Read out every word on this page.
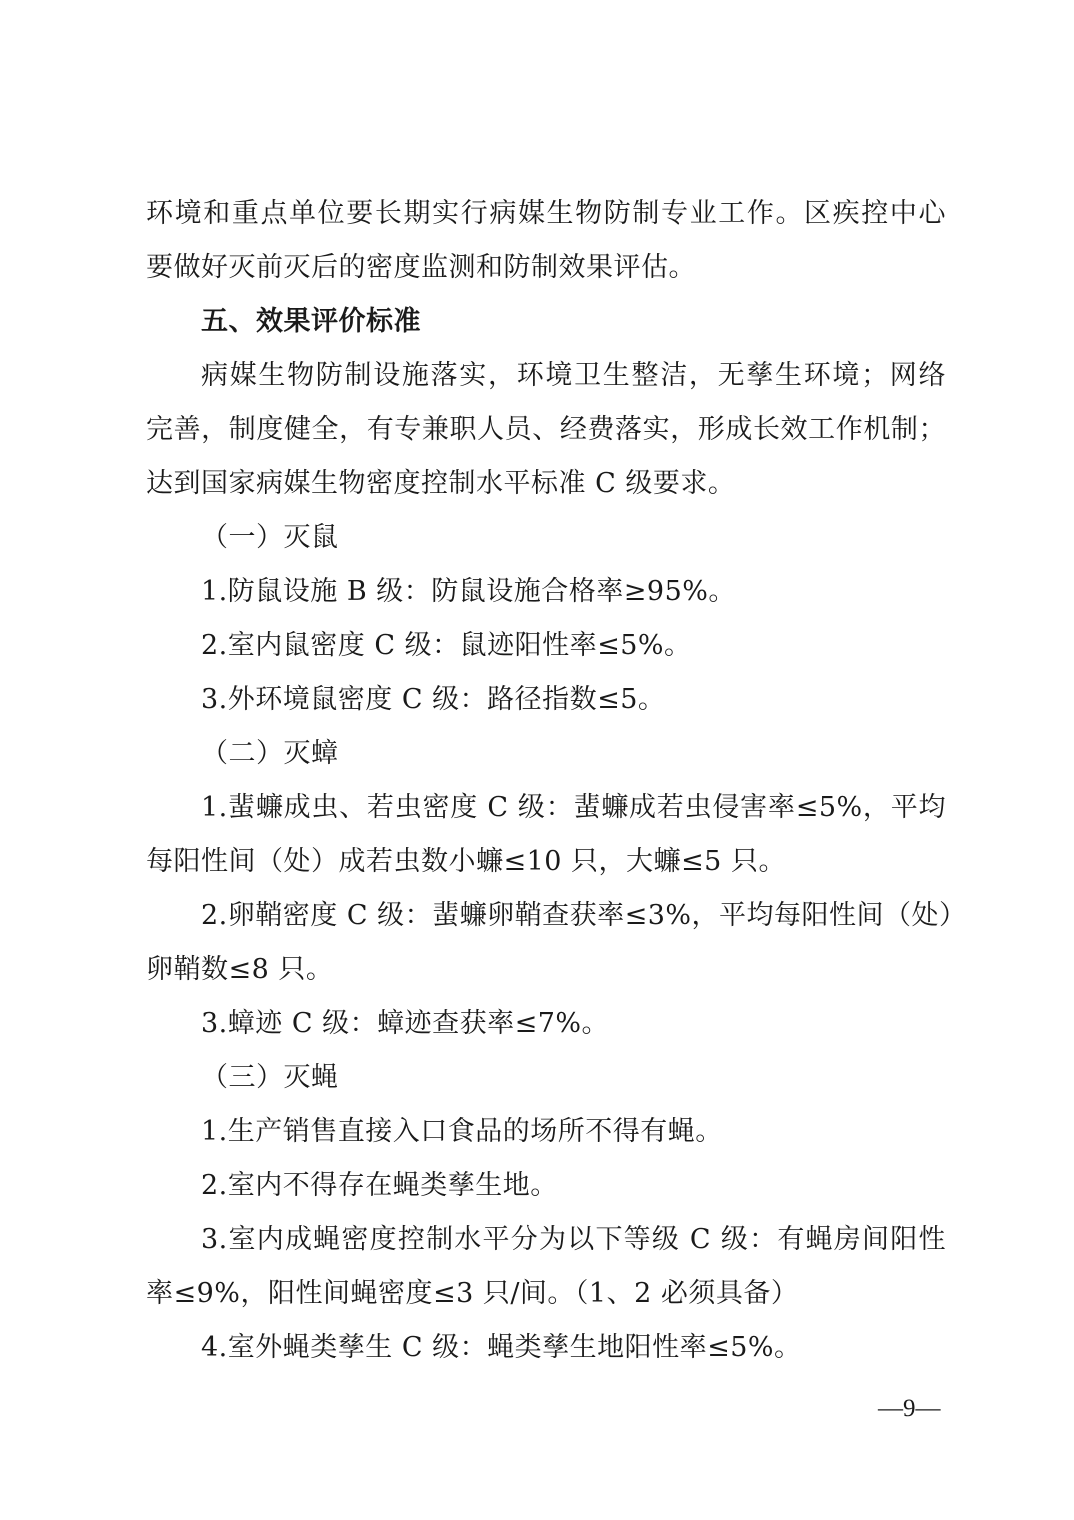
环境和重点单位要长期实行病媒生物防制专业工作。区疾控中心
要做好灭前灭后的密度监测和防制效果评估。
五、效果评价标准
病媒生物防制设施落实，环境卫生整洁，无孳生环境；网络
完善，制度健全，有专兼职人员、经费落实，形成长效工作机制；
达到国家病媒生物密度控制水平标准 C 级要求。
（一）灭鼠
1.防鼠设施 B 级：防鼠设施合格率≥95%。
2.室内鼠密度 C 级：鼠迹阳性率≤5%。
3.外环境鼠密度 C 级：路径指数≤5。
（二）灭蟑
1.蜚蠊成虫、若虫密度 C 级：蜚蠊成若虫侵害率≤5%，平均
每阳性间（处）成若虫数小蠊≤10 只，大蠊≤5 只。
2.卵鞘密度 C 级：蜚蠊卵鞘查获率≤3%，平均每阳性间（处）
卵鞘数≤8 只。
3.蟑迹 C 级：蟑迹查获率≤7%。
（三）灭蝇
1.生产销售直接入口食品的场所不得有蝇。
2.室内不得存在蝇类孳生地。
3.室内成蝇密度控制水平分为以下等级 C 级：有蝇房间阳性
率≤9%，阳性间蝇密度≤3 只/间。（1、2 必须具备）
4.室外蝇类孳生 C 级：蝇类孳生地阳性率≤5%。
—9—
